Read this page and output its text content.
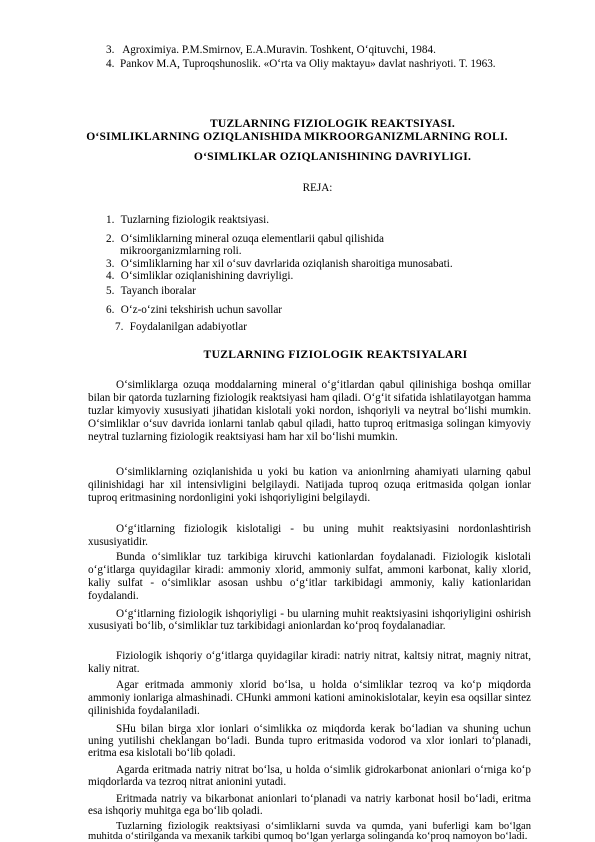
3. Agroximiya. P.M.Smirnov, E.A.Muravin. Toshkent, O‘qituvchi, 1984.
4. Pankov M.A, Tuproqshunoslik. «O‘rta va Oliy maktayu» davlat nashriyoti. T. 1963.
TUZLARNING FIZIOLOGIK REAKTSIYASI.
O‘SIMLIKLARNING OZIQLANISHIDA MIKROORGANIZMLARNING ROLI.
O‘SIMLIKLAR OZIQLANISHINING DAVRIYLIGI.
REJA:
1. Tuzlarning fiziologik reaktsiyasi.
2. O‘simliklarning mineral ozuqa elementlarii qabul qilishida
mikroorganizmlarning roli.
3. O‘simliklarning har xil o‘suv davrlarida oziqlanish sharoitiga munosabati.
4. O‘simliklar oziqlanishining davriyligi.
5. Tayanch iboralar
6. O‘z-o‘zini tekshirish uchun savollar
7. Foydalanilgan adabiyotlar
TUZLARNING FIZIOLOGIK REAKTSIYALARI
O‘simliklarga ozuqa moddalarning mineral o‘g‘itlardan qabul qilinishiga boshqa omillar bilan bir qatorda tuzlarning fiziologik reaktsiyasi ham qiladi. O‘g‘it sifatida ishlatilayotgan hamma tuzlar kimyoviy xususiyati jihatidan kislotali yoki nordon, ishqoriyli va neytral bo‘lishi mumkin. O‘simliklar o‘suv davrida ionlarni tanlab qabul qiladi, hatto tuproq eritmasiga solingan kimyoviy neytral tuzlarning fiziologik reaktsiyasi ham har xil bo‘lishi mumkin.
O‘simliklarning oziqlanishida u yoki bu kation va anionlrning ahamiyati ularning qabul qilinishidagi har xil intensivligini belgilaydi. Natijada tuproq ozuqa eritmasida qolgan ionlar tuproq eritmasining nordonligini yoki ishqoriyligini belgilaydi.
O‘g‘itlarning fiziologik kislotaligi - bu uning muhit reaktsiyasini nordonlashtirish xususiyatidir.
Bunda o‘simliklar tuz tarkibiga kiruvchi kationlardan foydalanadi. Fiziologik kislotali o‘g‘itlarga quyidagilar kiradi: ammoniy xlorid, ammoniy sulfat, ammoni karbonat, kaliy xlorid, kaliy sulfat - o‘simliklar asosan ushbu o‘g‘itlar tarkibidagi ammoniy, kaliy kationlaridan foydalandi.
O‘g‘itlarning fiziologik ishqoriyligi - bu ularning muhit reaktsiyasini ishqoriyligini oshirish xususiyati bo‘lib, o‘simliklar tuz tarkibidagi anionlardan ko‘proq foydalanadiar.
Fiziologik ishqoriy o‘g‘itlarga quyidagilar kiradi: natriy nitrat, kaltsiy nitrat, magniy nitrat, kaliy nitrat.
Agar eritmada ammoniy xlorid bo‘lsa, u holda o‘simliklar tezroq va ko‘p miqdorda ammoniy ionlariga almashinadi. CHunki ammoni kationi aminokislotalar, keyin esa oqsillar sintez qilinishida foydalaniladi.
SHu bilan birga xlor ionlari o‘simlikka oz miqdorda kerak bo‘ladian va shuning uchun uning yutilishi cheklangan bo‘ladi. Bunda tupro eritmasida vodorod va xlor ionlari to‘planadi, eritma esa kislotali bo‘lib qoladi.
Agarda eritmada natriy nitrat bo‘lsa, u holda o‘simlik gidrokarbonat anionlari o‘rniga ko‘p miqdorlarda va tezroq nitrat anionini yutadi.
Eritmada natriy va bikarbonat anionlari to‘planadi va natriy karbonat hosil bo‘ladi, eritma esa ishqoriy muhitga ega bo‘lib qoladi.
Tuzlarning fiziologik reaktsiyasi o‘simliklarni suvda va qumda, yani buferligi kam bo‘lgan muhitda o‘stirilganda va mexanik tarkibi qumoq bo‘lgan yerlarga solinganda ko‘proq namoyon bo‘ladi.
